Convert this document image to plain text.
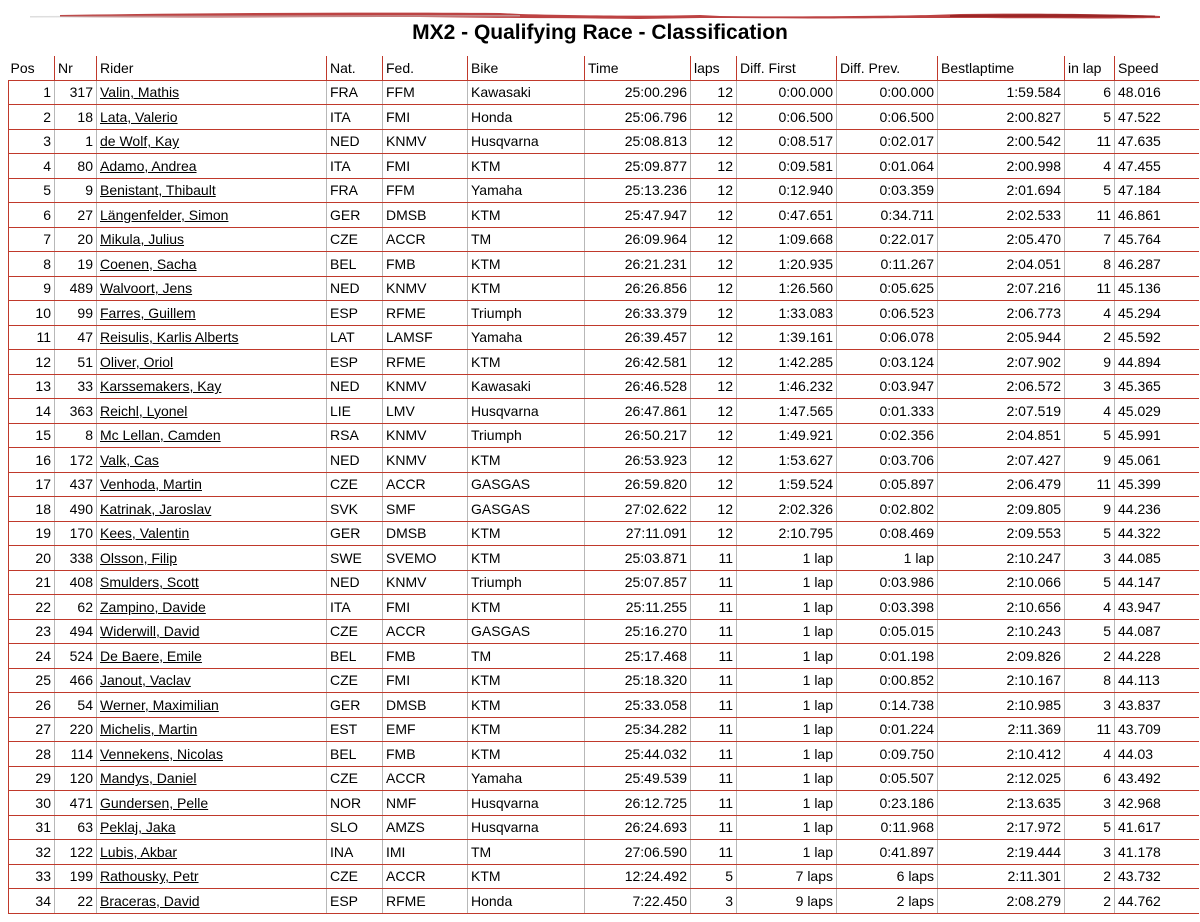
MX2 - Qualifying Race - Classification
Pos	Nr	Rider	Nat.	Fed.	Bike	Time	laps	Diff. First	Diff. Prev.	Bestlaptime	in lap	Speed
1	317	Valin, Mathis	FRA	FFM	Kawasaki	25:00.296	12	0:00.000	0:00.000	1:59.584	6	48.016
2	18	Lata, Valerio	ITA	FMI	Honda	25:06.796	12	0:06.500	0:06.500	2:00.827	5	47.522
3	1	de Wolf, Kay	NED	KNMV	Husqvarna	25:08.813	12	0:08.517	0:02.017	2:00.542	11	47.635
4	80	Adamo, Andrea	ITA	FMI	KTM	25:09.877	12	0:09.581	0:01.064	2:00.998	4	47.455
5	9	Benistant, Thibault	FRA	FFM	Yamaha	25:13.236	12	0:12.940	0:03.359	2:01.694	5	47.184
6	27	Längenfelder, Simon	GER	DMSB	KTM	25:47.947	12	0:47.651	0:34.711	2:02.533	11	46.861
7	20	Mikula, Julius	CZE	ACCR	TM	26:09.964	12	1:09.668	0:22.017	2:05.470	7	45.764
8	19	Coenen, Sacha	BEL	FMB	KTM	26:21.231	12	1:20.935	0:11.267	2:04.051	8	46.287
9	489	Walvoort, Jens	NED	KNMV	KTM	26:26.856	12	1:26.560	0:05.625	2:07.216	11	45.136
10	99	Farres, Guillem	ESP	RFME	Triumph	26:33.379	12	1:33.083	0:06.523	2:06.773	4	45.294
11	47	Reisulis, Karlis Alberts	LAT	LAMSF	Yamaha	26:39.457	12	1:39.161	0:06.078	2:05.944	2	45.592
12	51	Oliver, Oriol	ESP	RFME	KTM	26:42.581	12	1:42.285	0:03.124	2:07.902	9	44.894
13	33	Karssemakers, Kay	NED	KNMV	Kawasaki	26:46.528	12	1:46.232	0:03.947	2:06.572	3	45.365
14	363	Reichl, Lyonel	LIE	LMV	Husqvarna	26:47.861	12	1:47.565	0:01.333	2:07.519	4	45.029
15	8	Mc Lellan, Camden	RSA	KNMV	Triumph	26:50.217	12	1:49.921	0:02.356	2:04.851	5	45.991
16	172	Valk, Cas	NED	KNMV	KTM	26:53.923	12	1:53.627	0:03.706	2:07.427	9	45.061
17	437	Venhoda, Martin	CZE	ACCR	GASGAS	26:59.820	12	1:59.524	0:05.897	2:06.479	11	45.399
18	490	Katrinak, Jaroslav	SVK	SMF	GASGAS	27:02.622	12	2:02.326	0:02.802	2:09.805	9	44.236
19	170	Kees, Valentin	GER	DMSB	KTM	27:11.091	12	2:10.795	0:08.469	2:09.553	5	44.322
20	338	Olsson, Filip	SWE	SVEMO	KTM	25:03.871	11	1 lap	1 lap	2:10.247	3	44.085
21	408	Smulders, Scott	NED	KNMV	Triumph	25:07.857	11	1 lap	0:03.986	2:10.066	5	44.147
22	62	Zampino, Davide	ITA	FMI	KTM	25:11.255	11	1 lap	0:03.398	2:10.656	4	43.947
23	494	Widerwill, David	CZE	ACCR	GASGAS	25:16.270	11	1 lap	0:05.015	2:10.243	5	44.087
24	524	De Baere, Emile	BEL	FMB	TM	25:17.468	11	1 lap	0:01.198	2:09.826	2	44.228
25	466	Janout, Vaclav	CZE	FMI	KTM	25:18.320	11	1 lap	0:00.852	2:10.167	8	44.113
26	54	Werner, Maximilian	GER	DMSB	KTM	25:33.058	11	1 lap	0:14.738	2:10.985	3	43.837
27	220	Michelis, Martin	EST	EMF	KTM	25:34.282	11	1 lap	0:01.224	2:11.369	11	43.709
28	114	Vennekens, Nicolas	BEL	FMB	KTM	25:44.032	11	1 lap	0:09.750	2:10.412	4	44.03
29	120	Mandys, Daniel	CZE	ACCR	Yamaha	25:49.539	11	1 lap	0:05.507	2:12.025	6	43.492
30	471	Gundersen, Pelle	NOR	NMF	Husqvarna	26:12.725	11	1 lap	0:23.186	2:13.635	3	42.968
31	63	Peklaj, Jaka	SLO	AMZS	Husqvarna	26:24.693	11	1 lap	0:11.968	2:17.972	5	41.617
32	122	Lubis, Akbar	INA	IMI	TM	27:06.590	11	1 lap	0:41.897	2:19.444	3	41.178
33	199	Rathousky, Petr	CZE	ACCR	KTM	12:24.492	5	7 laps	6 laps	2:11.301	2	43.732
34	22	Braceras, David	ESP	RFME	Honda	7:22.450	3	9 laps	2 laps	2:08.279	2	44.762
